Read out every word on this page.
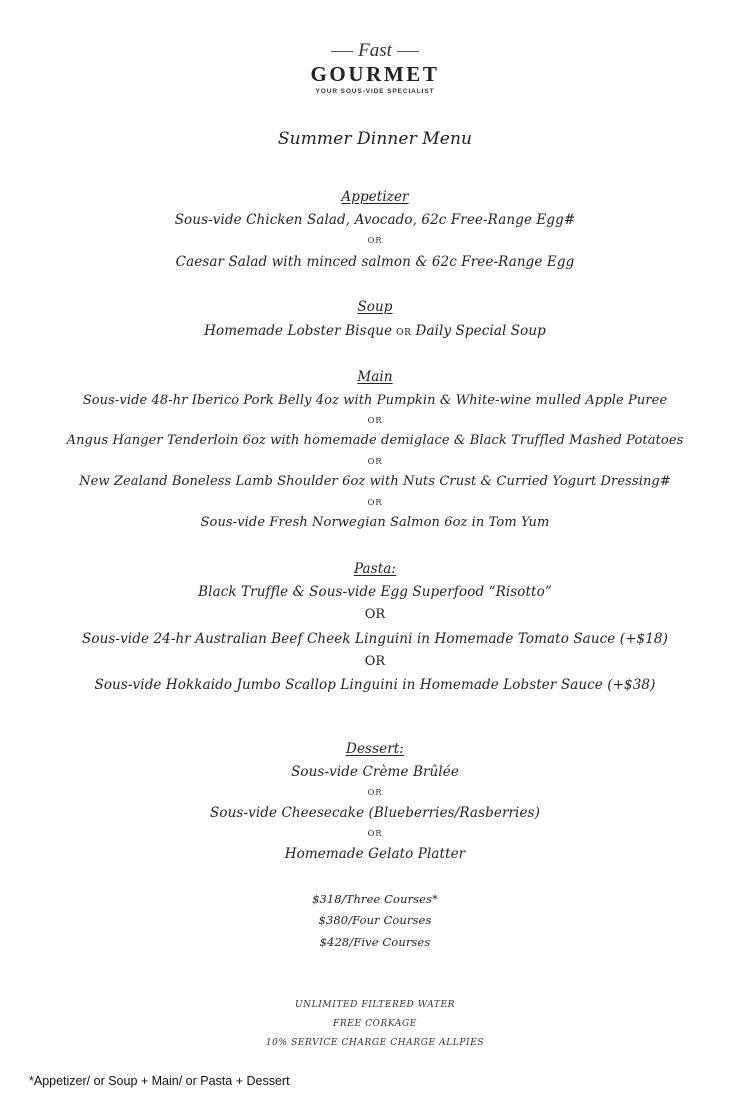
Fast
GOURMET
YOUR SOUS-VIDE SPECIALIST
Summer Dinner Menu
Appetizer
Sous-vide Chicken Salad, Avocado, 62c Free-Range Egg#
OR
Caesar Salad with minced salmon & 62c Free-Range Egg
Soup
Homemade Lobster Bisque OR Daily Special Soup
Main
Sous-vide 48-hr Iberico Pork Belly 4oz with Pumpkin & White-wine mulled Apple Puree
OR
Angus Hanger Tenderloin 6oz with homemade demiglace & Black Truffled Mashed Potatoes
OR
New Zealand Boneless Lamb Shoulder 6oz with Nuts Crust & Curried Yogurt Dressing#
OR
Sous-vide Fresh Norwegian Salmon 6oz in Tom Yum
Pasta:
Black Truffle & Sous-vide Egg Superfood “Risotto”
OR
Sous-vide 24-hr Australian Beef Cheek Linguini in Homemade Tomato Sauce (+$18)
OR
Sous-vide Hokkaido Jumbo Scallop Linguini in Homemade Lobster Sauce (+$38)
Dessert:
Sous-vide Crème Brûlée
OR
Sous-vide Cheesecake (Blueberries/Rasberries)
OR
Homemade Gelato Platter
$318/Three Courses*
$380/Four Courses
$428/Five Courses
UNLIMITED FILTERED WATER
FREE CORKAGE
10% SERVICE CHARGE CHARGE ALLPIES
*Appetizer/ or Soup + Main/ or Pasta + Dessert
